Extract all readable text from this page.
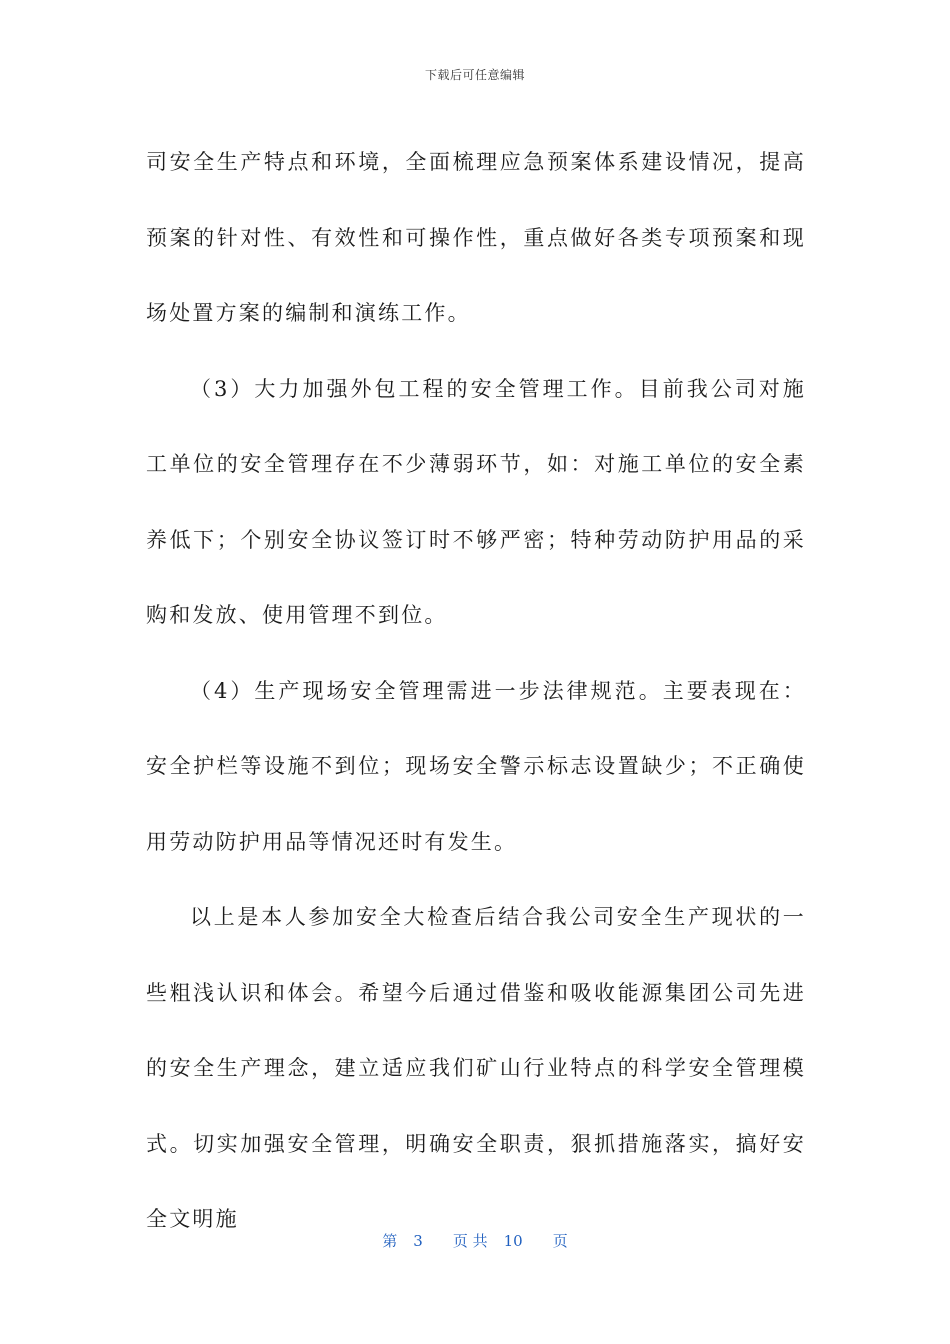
下载后可任意编辑

司安全生产特点和环境，全面梳理应急预案体系建设情况，提高预案的针对性、有效性和可操作性，重点做好各类专项预案和现场处置方案的编制和演练工作。

（3）大力加强外包工程的安全管理工作。目前我公司对施工单位的安全管理存在不少薄弱环节，如：对施工单位的安全素养低下；个别安全协议签订时不够严密；特种劳动防护用品的采购和发放、使用管理不到位。

（4）生产现场安全管理需进一步法律规范。主要表现在：安全护栏等设施不到位；现场安全警示标志设置缺少；不正确使用劳动防护用品等情况还时有发生。

以上是本人参加安全大检查后结合我公司安全生产现状的一些粗浅认识和体会。希望今后通过借鉴和吸收能源集团公司先进的安全生产理念，建立适应我们矿山行业特点的科学安全管理模式。切实加强安全管理，明确安全职责，狠抓措施落实，搞好安全文明施

第 3 页 共 10 页
